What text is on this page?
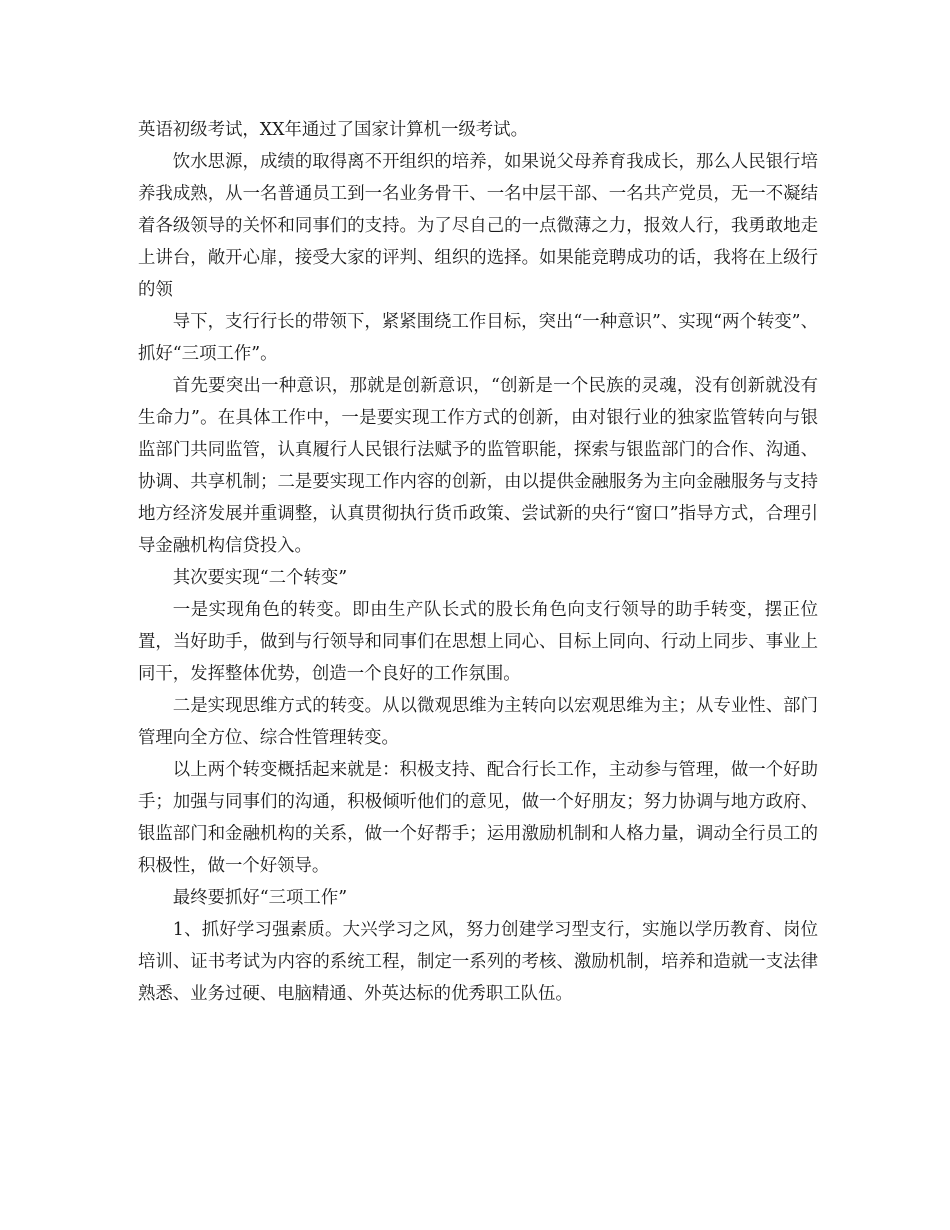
英语初级考试，XX年通过了国家计算机一级考试。

饮水思源，成绩的取得离不开组织的培养，如果说父母养育我成长，那么人民银行培养我成熟，从一名普通员工到一名业务骨干、一名中层干部、一名共产党员，无一不凝结着各级领导的关怀和同事们的支持。为了尽自己的一点微薄之力，报效人行，我勇敢地走上讲台，敞开心扉，接受大家的评判、组织的选择。如果能竞聘成功的话，我将在上级行的领

导下，支行行长的带领下，紧紧围绕工作目标，突出“一种意识”、实现“两个转变”、抓好“三项工作”。

首先要突出一种意识，那就是创新意识，“创新是一个民族的灵魂，没有创新就没有生命力”。在具体工作中，一是要实现工作方式的创新，由对银行业的独家监管转向与银监部门共同监管，认真履行人民银行法赋予的监管职能，探索与银监部门的合作、沟通、协调、共享机制；二是要实现工作内容的创新，由以提供金融服务为主向金融服务与支持地方经济发展并重调整，认真贯彻执行货币政策、尝试新的央行“窗口”指导方式，合理引导金融机构信贷投入。

其次要实现“二个转变”

一是实现角色的转变。即由生产队长式的股长角色向支行领导的助手转变，摆正位置，当好助手，做到与行领导和同事们在思想上同心、目标上同向、行动上同步、事业上同干，发挥整体优势，创造一个良好的工作氛围。

二是实现思维方式的转变。从以微观思维为主转向以宏观思维为主；从专业性、部门管理向全方位、综合性管理转变。

以上两个转变概括起来就是：积极支持、配合行长工作，主动参与管理，做一个好助手；加强与同事们的沟通，积极倾听他们的意见，做一个好朋友；努力协调与地方政府、银监部门和金融机构的关系，做一个好帮手；运用激励机制和人格力量，调动全行员工的积极性，做一个好领导。

最终要抓好“三项工作”

1、抓好学习强素质。大兴学习之风，努力创建学习型支行，实施以学历教育、岗位培训、证书考试为内容的系统工程，制定一系列的考核、激励机制，培养和造就一支法律熟悉、业务过硬、电脑精通、外英达标的优秀职工队伍。
